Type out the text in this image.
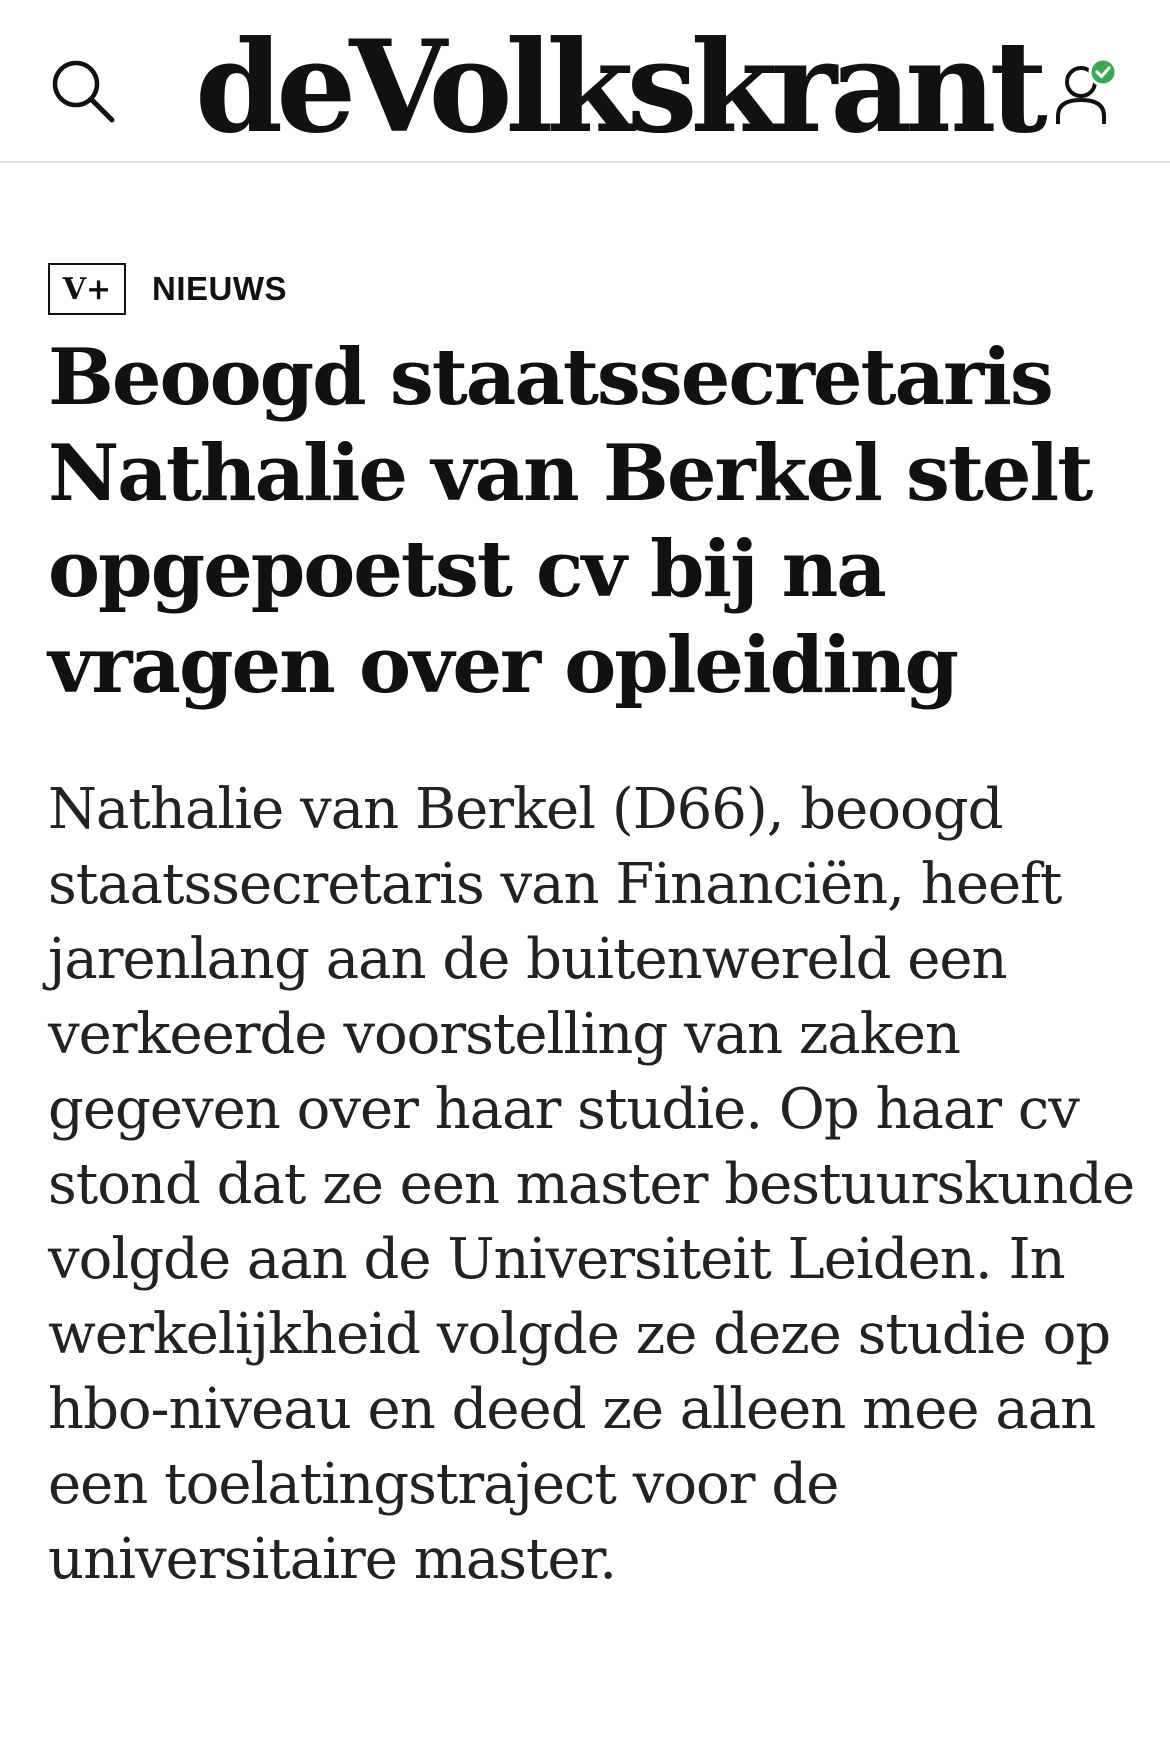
deVolkskrant
V+	NIEUWS
Beoogd staatssecretaris Nathalie van Berkel stelt opgepoetst cv bij na vragen over opleiding

Nathalie van Berkel (D66), beoogd staatssecretaris van Financiën, heeft jarenlang aan de buitenwereld een verkeerde voorstelling van zaken gegeven over haar studie. Op haar cv stond dat ze een master bestuurskunde volgde aan de Universiteit Leiden. In werkelijkheid volgde ze deze studie op hbo-niveau en deed ze alleen mee aan een toelatingstraject voor de universitaire master.
